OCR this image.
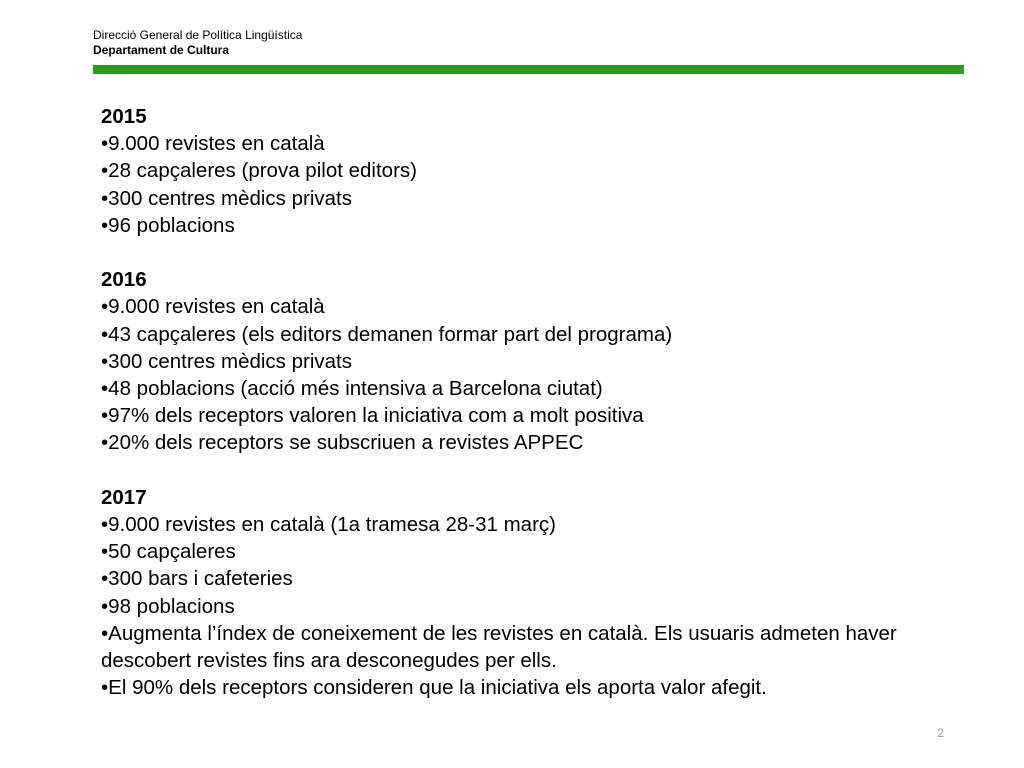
Direcció General de Política Lingüística
Departament de Cultura
2015
•9.000 revistes en català
•28 capçaleres (prova pilot editors)
•300 centres mèdics privats
•96 poblacions
2016
•9.000 revistes en català
•43 capçaleres (els editors demanen formar part del programa)
•300 centres mèdics privats
•48 poblacions (acció més intensiva a Barcelona ciutat)
•97% dels receptors valoren la iniciativa com a molt positiva
•20% dels receptors se subscriuen a revistes APPEC
2017
•9.000 revistes en català (1a tramesa 28-31 març)
•50 capçaleres
•300 bars i cafeteries
•98 poblacions
•Augmenta l’índex de coneixement de les revistes en català. Els usuaris admeten haver descobert revistes fins ara desconegudes per ells.
•El 90% dels receptors consideren que la iniciativa els aporta valor afegit.
2
